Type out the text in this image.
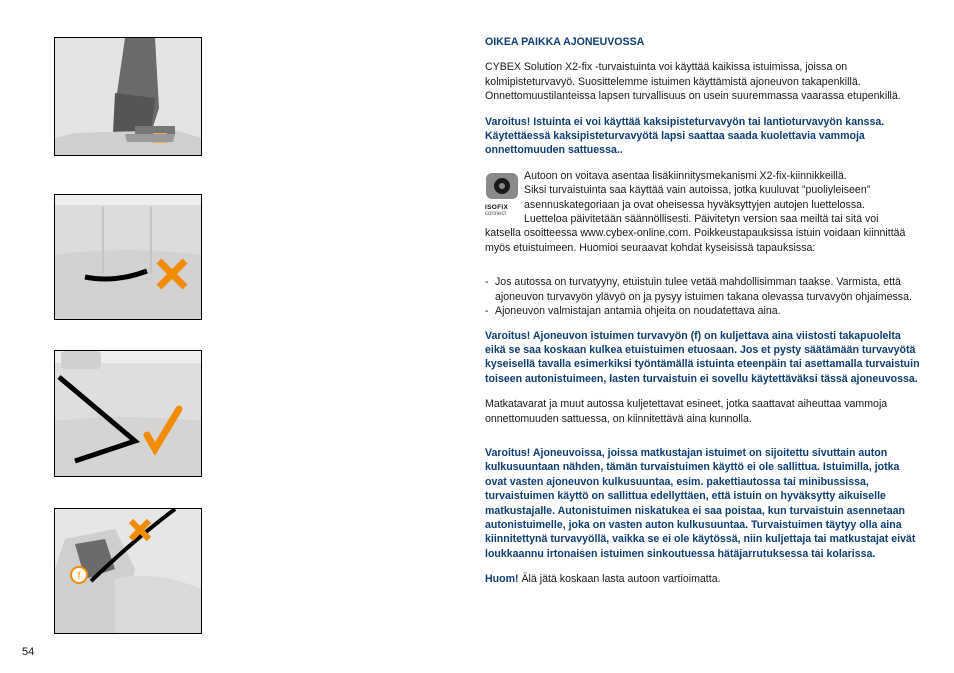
f
54

OIKEA PAIKKA AJONEUVOSSA

CYBEX Solution X2-fix -turvaistuinta voi käyttää kaikissa istuimissa, joissa on kolmipisteturvavyö. Suosittelemme istuimen käyttämistä ajoneuvon takapenkillä. Onnettomuustilanteissa lapsen turvallisuus on usein suuremmassa vaarassa etupenkillä.

Varoitus! Istuinta ei voi käyttää kaksipisteturvavyön tai lantioturvavyön kanssa. Käytettäessä kaksipisteturvavyötä lapsi saattaa saada kuolettavia vammoja onnettomuuden sattuessa..

ISOFIX
connect

Autoon on voitava asentaa lisäkiinnitysmekanismi X2-fix-kiinnikkeillä.

Siksi turvaistuinta saa käyttää vain autoissa, jotka kuuluvat ”puoliyleiseen”

asennuskategoriaan ja ovat oheisessa hyväksyttyjen autojen luettelossa.

Luetteloa päivitetään säännöllisesti. Päivitetyn version saa meiltä tai sitä voi

katsella osoitteessa www.cybex-online.com. Poikkeustapauksissa istuin voidaan kiinnittää myös etuistuimeen. Huomioi seuraavat kohdat kyseisissä tapauksissa:

- Jos autossa on turvatyyny, etuistuin tulee vetää mahdollisimman taakse. Varmista, että ajoneuvon turvavyön ylävyö on ja pysyy istuimen takana olevassa turvavyön ohjaimessa.
- Ajoneuvon valmistajan antamia ohjeita on noudatettava aina.

Varoitus! Ajoneuvon istuimen turvavyön (f) on kuljettava aina viistosti takapuolelta eikä se saa koskaan kulkea etuistuimen etuosaan. Jos et pysty säätämään turvavyötä kyseisellä tavalla esimerkiksi työntämällä istuinta eteenpäin tai asettamalla turvaistuin toiseen autonistuimeen, lasten turvaistuin ei sovellu käytettäväksi tässä ajoneuvossa.

Matkatavarat ja muut autossa kuljetettavat esineet, jotka saattavat aiheuttaa vammoja onnettomuuden sattuessa, on kiinnitettävä aina kunnolla.

Varoitus! Ajoneuvoissa, joissa matkustajan istuimet on sijoitettu sivuttain auton kulkusuuntaan nähden, tämän turvaistuimen käyttö ei ole sallittua. Istuimilla, jotka ovat vasten ajoneuvon kulkusuuntaa, esim. pakettiautossa tai minibussissa, turvaistuimen käyttö on sallittua edellyttäen, että istuin on hyväksytty aikuiselle matkustajalle. Autonistuimen niskatukea ei saa poistaa, kun turvaistuin asennetaan autonistuimelle, joka on vasten auton kulkusuuntaa. Turvaistuimen täytyy olla aina kiinnitettynä turvavyöllä, vaikka se ei ole käytössä, niin kuljettaja tai matkustajat eivät loukkaannu irtonaisen istuimen sinkoutuessa hätäjarrutuksessa tai kolarissa.

Huom! Älä jätä koskaan lasta autoon vartioimatta.
